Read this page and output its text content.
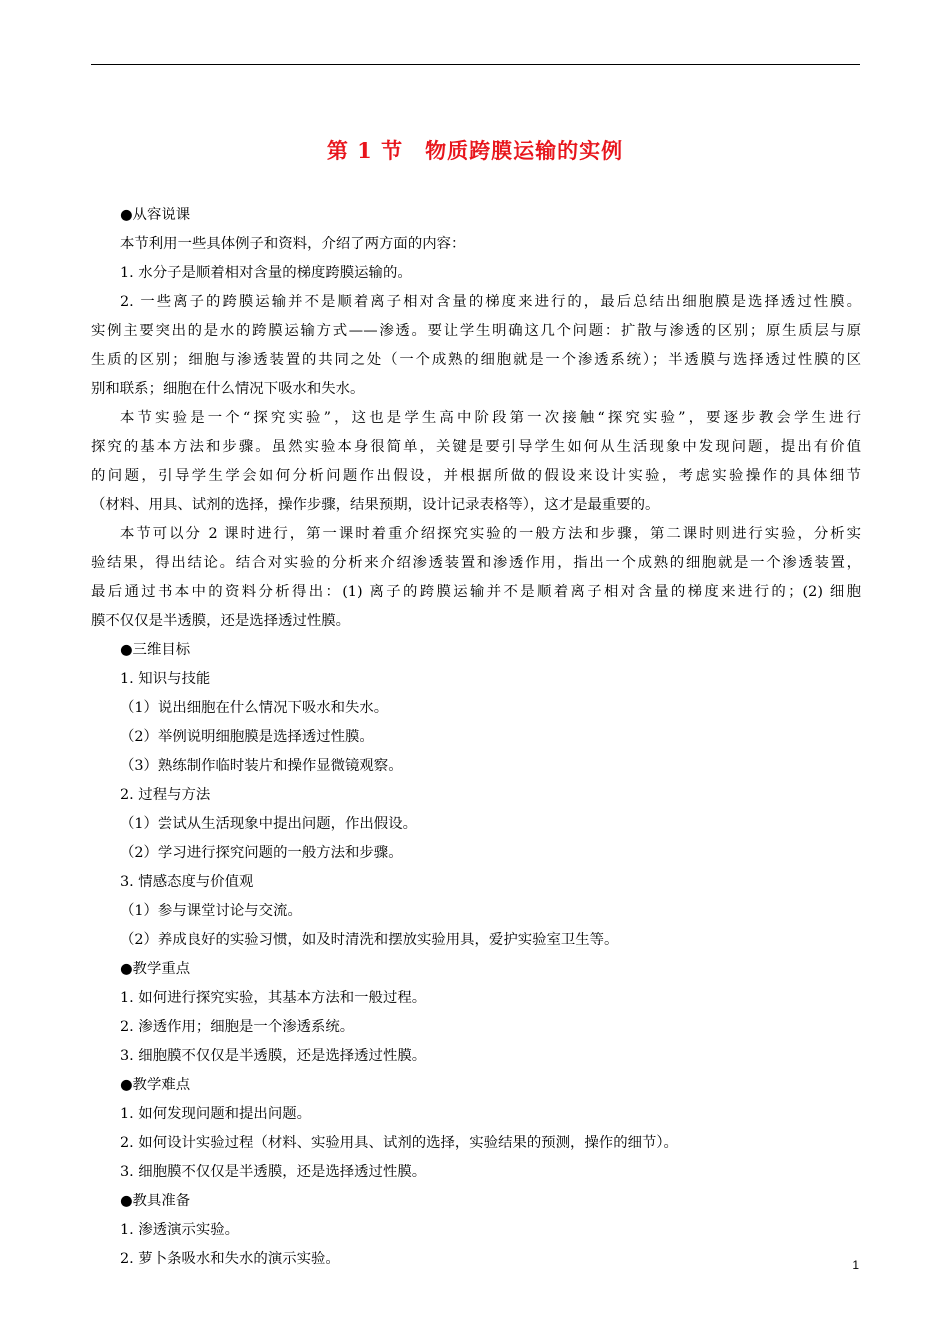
第 1 节　物质跨膜运输的实例
●从容说课
本节利用一些具体例子和资料，介绍了两方面的内容：
1. 水分子是顺着相对含量的梯度跨膜运输的。
2. 一些离子的跨膜运输并不是顺着离子相对含量的梯度来进行的，最后总结出细胞膜是选择透过性膜。
实例主要突出的是水的跨膜运输方式——渗透。要让学生明确这几个问题：扩散与渗透的区别；原生质层与原
生质的区别；细胞与渗透装置的共同之处（一个成熟的细胞就是一个渗透系统）；半透膜与选择透过性膜的区
别和联系；细胞在什么情况下吸水和失水。
本节实验是一个“探究实验”，这也是学生高中阶段第一次接触“探究实验”，要逐步教会学生进行
探究的基本方法和步骤。虽然实验本身很简单，关键是要引导学生如何从生活现象中发现问题，提出有价值
的问题，引导学生学会如何分析问题作出假设，并根据所做的假设来设计实验，考虑实验操作的具体细节
（材料、用具、试剂的选择，操作步骤，结果预期，设计记录表格等），这才是最重要的。
本节可以分 2 课时进行，第一课时着重介绍探究实验的一般方法和步骤，第二课时则进行实验，分析实
验结果，得出结论。结合对实验的分析来介绍渗透装置和渗透作用，指出一个成熟的细胞就是一个渗透装置，
最后通过书本中的资料分析得出：(1) 离子的跨膜运输并不是顺着离子相对含量的梯度来进行的；(2) 细胞
膜不仅仅是半透膜，还是选择透过性膜。
●三维目标
1. 知识与技能
（1）说出细胞在什么情况下吸水和失水。
（2）举例说明细胞膜是选择透过性膜。
（3）熟练制作临时装片和操作显微镜观察。
2. 过程与方法
（1）尝试从生活现象中提出问题，作出假设。
（2）学习进行探究问题的一般方法和步骤。
3. 情感态度与价值观
（1）参与课堂讨论与交流。
（2）养成良好的实验习惯，如及时清洗和摆放实验用具，爱护实验室卫生等。
●教学重点
1. 如何进行探究实验，其基本方法和一般过程。
2. 渗透作用；细胞是一个渗透系统。
3. 细胞膜不仅仅是半透膜，还是选择透过性膜。
●教学难点
1. 如何发现问题和提出问题。
2. 如何设计实验过程（材料、实验用具、试剂的选择，实验结果的预测，操作的细节）。
3. 细胞膜不仅仅是半透膜，还是选择透过性膜。
●教具准备
1. 渗透演示实验。
2. 萝卜条吸水和失水的演示实验。	1
